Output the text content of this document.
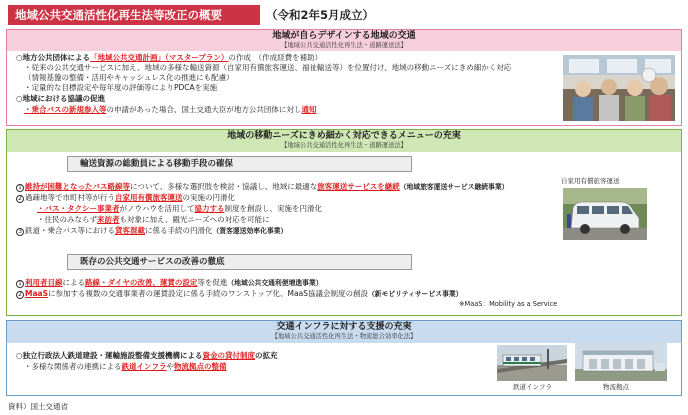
地域公共交通活性化再生法等改正の概要	（令和2年5月成立）
地域が自らデザインする地域の交通
【地域公共交通活性化再生法・道路運送法】
○地方公共団体による「地域公共交通計画」（マスタープラン）の作成　（作成経費を補助）
・従来の公共交通サービスに加え、地域の多様な輸送資源（自家用有償旅客運送、福祉輸送等）を位置付け、地域の移動ニーズにきめ細かく対応
（情報基盤の整備・活用やキャッシュレス化の推進にも配慮）
・定量的な目標設定や毎年度の評価等によりPDCAを実施
○地域における協議の促進
・乗合バスの新規参入等の申請があった場合、国土交通大臣が地方公共団体に対し通知
地域の移動ニーズにきめ細かく対応できるメニューの充実
【地域公共交通活性化再生法・道路運送法】
輸送資源の総動員による移動手段の確保
1 維持が困難となったバス路線等について、多様な選択肢を検討・協議し、地域に最適な旅客運送サービスを継続（地域旅客運送サービス継続事業）
2 過疎地等で市町村等が行う自家用有償旅客運送の実施の円滑化
・バス・タクシー事業者がノウハウを活用して協力する制度を創設し、実施を円滑化
・住民のみならず来訪者も対象に加え、観光ニーズへの対応を可能に
3 鉄道・乗合バス等における貨客混載に係る手続の円滑化（貨客運送効率化事業）
自家用有償旅客運送
既存の公共交通サービスの改善の徹底
1 利用者目線による路線・ダイヤの改善、運賃の設定等を促進（地域公共交通利便増進事業）
2 MaaSに参加する複数の交通事業者の運賃設定に係る手続のワンストップ化、MaaS協議会制度の創設（新モビリティサービス事業）
※MaaS：Mobility as a Service
交通インフラに対する支援の充実
【地域公共交通活性化再生法・物流総合効率化法】
○独立行政法人鉄道建設・運輸施設整備支援機構による資金の貸付制度の拡充
・多様な関係者の連携による鉄道インフラや物流拠点の整備
鉄道インフラ	物流拠点
資料）国土交通省
